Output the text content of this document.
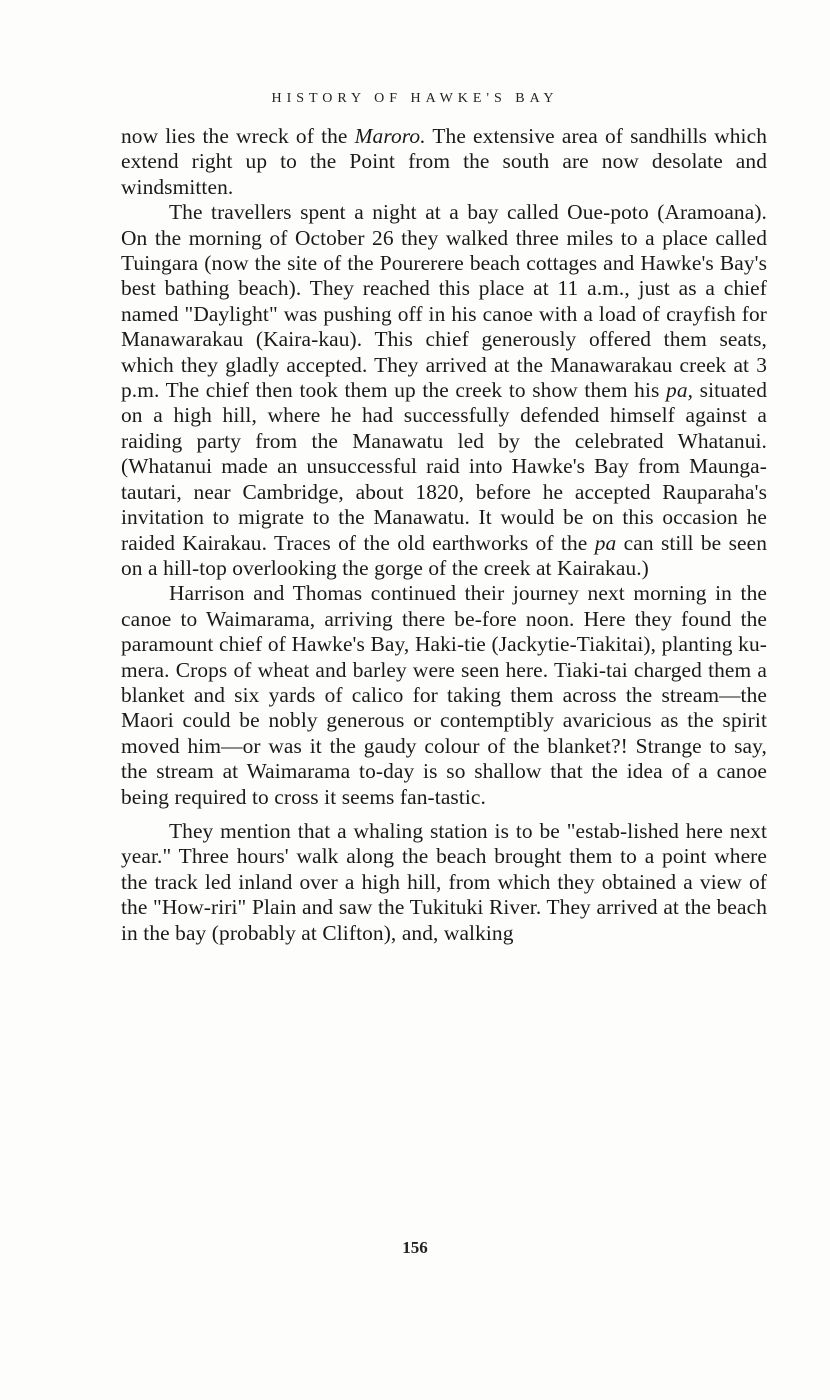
HISTORY OF HAWKE'S BAY

now lies the wreck of the Maroro. The extensive area of sandhills which extend right up to the Point from the south are now desolate and windsmitten.

The travellers spent a night at a bay called Oue-poto (Aramoana). On the morning of October 26 they walked three miles to a place called Tuingara (now the site of the Pourerere beach cottages and Hawke's Bay's best bathing beach). They reached this place at 11 a.m., just as a chief named "Daylight" was pushing off in his canoe with a load of crayfish for Manawarakau (Kaira-kau). This chief generously offered them seats, which they gladly accepted. They arrived at the Manawarakau creek at 3 p.m. The chief then took them up the creek to show them his pa, situated on a high hill, where he had successfully defended himself against a raiding party from the Manawatu led by the celebrated Whatanui. (Whatanui made an unsuccessful raid into Hawke's Bay from Maunga-tautari, near Cambridge, about 1820, before he accepted Rauparaha's invitation to migrate to the Manawatu. It would be on this occasion he raided Kairakau. Traces of the old earthworks of the pa can still be seen on a hill-top overlooking the gorge of the creek at Kairakau.)

Harrison and Thomas continued their journey next morning in the canoe to Waimarama, arriving there be-fore noon. Here they found the paramount chief of Hawke's Bay, Haki-tie (Jackytie-Tiakitai), planting ku-mera. Crops of wheat and barley were seen here. Tiaki-tai charged them a blanket and six yards of calico for taking them across the stream—the Maori could be nobly generous or contemptibly avaricious as the spirit moved him—or was it the gaudy colour of the blanket?! Strange to say, the stream at Waimarama to-day is so shallow that the idea of a canoe being required to cross it seems fan-tastic.

They mention that a whaling station is to be "estab-lished here next year." Three hours' walk along the beach brought them to a point where the track led inland over a high hill, from which they obtained a view of the "How-riri" Plain and saw the Tukituki River. They arrived at the beach in the bay (probably at Clifton), and, walking

156
